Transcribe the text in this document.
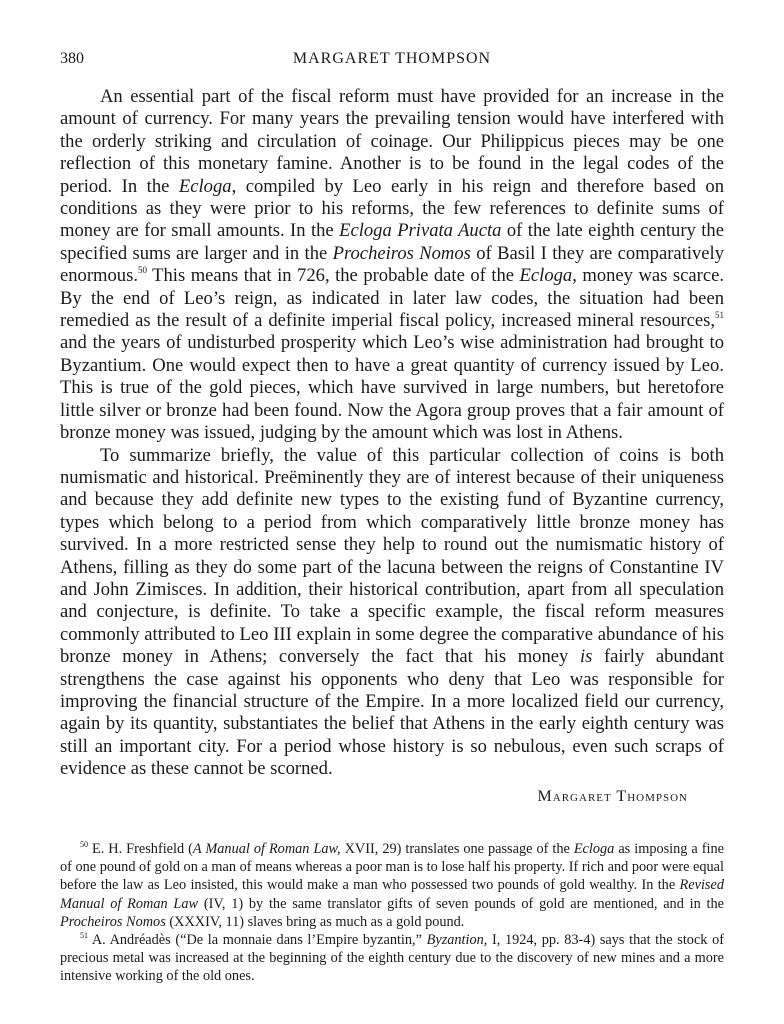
380	MARGARET THOMPSON

An essential part of the fiscal reform must have provided for an increase in the amount of currency. For many years the prevailing tension would have interfered with the orderly striking and circulation of coinage. Our Philippicus pieces may be one reflection of this monetary famine. Another is to be found in the legal codes of the period. In the Ecloga, compiled by Leo early in his reign and therefore based on conditions as they were prior to his reforms, the few references to definite sums of money are for small amounts. In the Ecloga Privata Aucta of the late eighth century the specified sums are larger and in the Procheiros Nomos of Basil I they are comparatively enormous.$^{50}$ This means that in 726, the probable date of the Ecloga, money was scarce. By the end of Leo’s reign, as indicated in later law codes, the situation had been remedied as the result of a definite imperial fiscal policy, increased mineral resources,$^{51}$ and the years of undisturbed prosperity which Leo’s wise administration had brought to Byzantium. One would expect then to have a great quantity of currency issued by Leo. This is true of the gold pieces, which have survived in large numbers, but heretofore little silver or bronze had been found. Now the Agora group proves that a fair amount of bronze money was issued, judging by the amount which was lost in Athens.

To summarize briefly, the value of this particular collection of coins is both numismatic and historical. Preëminently they are of interest because of their uniqueness and because they add definite new types to the existing fund of Byzantine currency, types which belong to a period from which comparatively little bronze money has survived. In a more restricted sense they help to round out the numismatic history of Athens, filling as they do some part of the lacuna between the reigns of Constantine IV and John Zimisces. In addition, their historical contribution, apart from all speculation and conjecture, is definite. To take a specific example, the fiscal reform measures commonly attributed to Leo III explain in some degree the comparative abundance of his bronze money in Athens; conversely the fact that his money is fairly abundant strengthens the case against his opponents who deny that Leo was responsible for improving the financial structure of the Empire. In a more localized field our currency, again by its quantity, substantiates the belief that Athens in the early eighth century was still an important city. For a period whose history is so nebulous, even such scraps of evidence as these cannot be scorned.

Margaret Thompson

$^{50}$ E. H. Freshfield (A Manual of Roman Law, XVII, 29) translates one passage of the Ecloga as imposing a fine of one pound of gold on a man of means whereas a poor man is to lose half his property. If rich and poor were equal before the law as Leo insisted, this would make a man who possessed two pounds of gold wealthy. In the Revised Manual of Roman Law (IV, 1) by the same translator gifts of seven pounds of gold are mentioned, and in the Procheiros Nomos (XXXIV, 11) slaves bring as much as a gold pound.

$^{51}$ A. Andréadès (“De la monnaie dans l’Empire byzantin,” Byzantion, I, 1924, pp. 83-4) says that the stock of precious metal was increased at the beginning of the eighth century due to the discovery of new mines and a more intensive working of the old ones.
